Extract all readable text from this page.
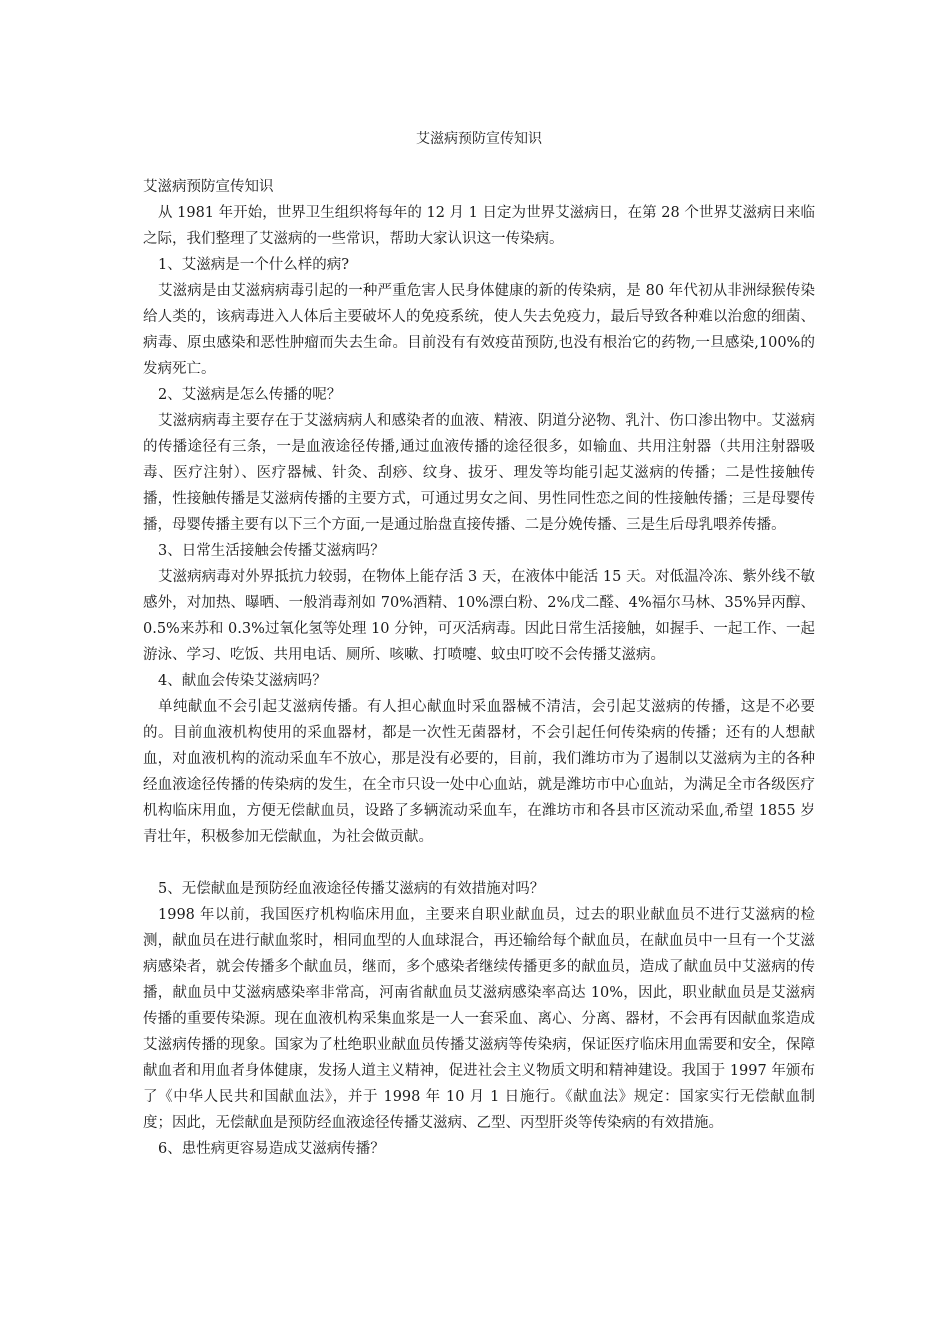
艾滋病预防宣传知识

艾滋病预防宣传知识

从 1981 年开始，世界卫生组织将每年的 12 月 1 日定为世界艾滋病日，在第 28 个世界艾滋病日来临之际，我们整理了艾滋病的一些常识，帮助大家认识这一传染病。

1、艾滋病是一个什么样的病?

艾滋病是由艾滋病病毒引起的一种严重危害人民身体健康的新的传染病，是 80 年代初从非洲绿猴传染给人类的，该病毒进入人体后主要破坏人的免疫系统，使人失去免疫力，最后导致各种难以治愈的细菌、病毒、原虫感染和恶性肿瘤而失去生命。目前没有有效疫苗预防,也没有根治它的药物,一旦感染,100%的发病死亡。

2、艾滋病是怎么传播的呢？

艾滋病病毒主要存在于艾滋病病人和感染者的血液、精液、阴道分泌物、乳汁、伤口渗出物中。艾滋病的传播途径有三条，一是血液途径传播,通过血液传播的途径很多，如输血、共用注射器（共用注射器吸毒、医疗注射）、医疗器械、针灸、刮痧、纹身、拔牙、理发等均能引起艾滋病的传播；二是性接触传播，性接触传播是艾滋病传播的主要方式，可通过男女之间、男性同性恋之间的性接触传播；三是母婴传播，母婴传播主要有以下三个方面,一是通过胎盘直接传播、二是分娩传播、三是生后母乳喂养传播。

3、日常生活接触会传播艾滋病吗？

艾滋病病毒对外界抵抗力较弱，在物体上能存活 3 天，在液体中能活 15 天。对低温冷冻、紫外线不敏感外，对加热、曝晒、一般消毒剂如 70%酒精、10%漂白粉、2%戊二醛、4%福尔马林、35%异丙醇、0.5%来苏和 0.3%过氧化氢等处理 10 分钟，可灭活病毒。因此日常生活接触，如握手、一起工作、一起游泳、学习、吃饭、共用电话、厕所、咳嗽、打喷嚏、蚊虫叮咬不会传播艾滋病。

4、献血会传染艾滋病吗？

单纯献血不会引起艾滋病传播。有人担心献血时采血器械不清洁，会引起艾滋病的传播，这是不必要的。目前血液机构使用的采血器材，都是一次性无菌器材，不会引起任何传染病的传播；还有的人想献血，对血液机构的流动采血车不放心，那是没有必要的，目前，我们潍坊市为了遏制以艾滋病为主的各种经血液途径传播的传染病的发生，在全市只设一处中心血站，就是潍坊市中心血站，为满足全市各级医疗机构临床用血，方便无偿献血员，设路了多辆流动采血车，在潍坊市和各县市区流动采血,希望 1855 岁青壮年，积极参加无偿献血，为社会做贡献。

5、无偿献血是预防经血液途径传播艾滋病的有效措施对吗？

1998 年以前，我国医疗机构临床用血，主要来自职业献血员，过去的职业献血员不进行艾滋病的检测，献血员在进行献血浆时，相同血型的人血球混合，再还输给每个献血员，在献血员中一旦有一个艾滋病感染者，就会传播多个献血员，继而，多个感染者继续传播更多的献血员，造成了献血员中艾滋病的传播，献血员中艾滋病感染率非常高，河南省献血员艾滋病感染率高达 10%，因此，职业献血员是艾滋病传播的重要传染源。现在血液机构采集血浆是一人一套采血、离心、分离、器材，不会再有因献血浆造成艾滋病传播的现象。国家为了杜绝职业献血员传播艾滋病等传染病，保证医疗临床用血需要和安全，保障献血者和用血者身体健康，发扬人道主义精神，促进社会主义物质文明和精神建设。我国于 1997 年颁布了《中华人民共和国献血法》，并于 1998 年 10 月 1 日施行。《献血法》规定：国家实行无偿献血制度；因此，无偿献血是预防经血液途径传播艾滋病、乙型、丙型肝炎等传染病的有效措施。

6、患性病更容易造成艾滋病传播？
